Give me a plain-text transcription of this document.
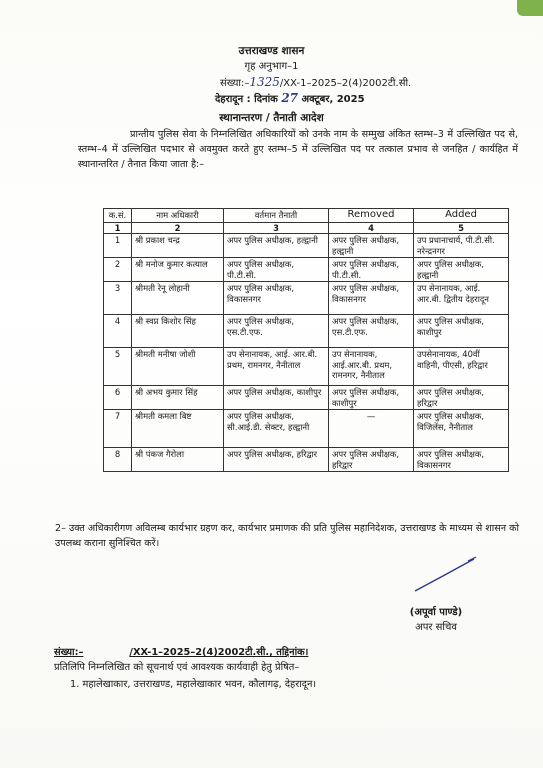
उत्तराखण्ड शासन
गृह अनुभाग–1
संख्या:–1325/XX-1–2025–2(4)2002टी.सी.
देहरादून : दिनांक 27 अक्टूबर, 2025
स्थानान्तरण / तैनाती आदेश
प्रान्तीय पुलिस सेवा के निम्नलिखित अधिकारियों को उनके नाम के सम्मुख अंकित स्तम्भ–3 में उल्लिखित पद से, स्तम्भ–4 में उल्लिखित पदभार से अवमुक्त करते हुए स्तम्भ–5 में उल्लिखित पद पर तत्काल प्रभाव से जनहित / कार्यहित में स्थानान्तरित / तैनात किया जाता है:–
क.सं.	नाम अधिकारी	वर्तमान तैनाती	Removed	Added
1	2	3	4	5
1	श्री प्रकाश चन्द्र	अपर पुलिस अधीक्षक, हल्द्वानी	अपर पुलिस अधीक्षक, हल्द्वानी	उप प्रधानाचार्य, पी.टी.सी. नरेन्द्रनगर
2	श्री मनोज कुमार कत्याल	अपर पुलिस अधीक्षक, पी.टी.सी.	अपर पुलिस अधीक्षक, पी.टी.सी.	अपर पुलिस अधीक्षक, हल्द्वानी
3	श्रीमती रेनू लोहानी	अपर पुलिस अधीक्षक, विकासनगर	अपर पुलिस अधीक्षक, विकासनगर	उप सेनानायक, आई. आर.बी. द्वितीय देहरादून
4	श्री स्वप्न किशोर सिंह	अपर पुलिस अधीक्षक, एस.टी.एफ.	अपर पुलिस अधीक्षक, एस.टी.एफ.	अपर पुलिस अधीक्षक, काशीपुर
5	श्रीमती मनीषा जोशी	उप सेनानायक, आई. आर.बी. प्रथम, रामनगर, नैनीताल	उप सेनानायक, आई.आर.बी. प्रथम, रामनगर, नैनीताल	उपसेनानायक, 40वीं वाहिनी, पीएसी, हरिद्वार
6	श्री अभय कुमार सिंह	अपर पुलिस अधीक्षक, काशीपुर	अपर पुलिस अधीक्षक, काशीपुर	अपर पुलिस अधीक्षक, हरिद्वार
7	श्रीमती कमला बिष्ट	अपर पुलिस अधीक्षक, सी.आई.डी. सेक्टर, हल्द्वानी	—	अपर पुलिस अधीक्षक, विजिलेंस, नैनीताल
8	श्री पंकज गैरोला	अपर पुलिस अधीक्षक, हरिद्वार	अपर पुलिस अधीक्षक, हरिद्वार	अपर पुलिस अधीक्षक, विकासनगर
2– उक्त अधिकारीगण अविलम्ब कार्यभार ग्रहण कर, कार्यभार प्रमाणक की प्रति पुलिस महानिदेशक, उत्तराखण्ड के माध्यम से शासन को उपलब्ध कराना सुनिश्चित करें।
(अपूर्वा पाण्डे)
अपर सचिव
संख्या:–	/XX-1–2025–2(4)2002टी.सी., तद्दिनांक।
प्रतिलिपि निम्नलिखित को सूचनार्थ एवं आवश्यक कार्यवाही हेतु प्रेषित–
1. महालेखाकार, उत्तराखण्ड, महालेखाकार भवन, कौलागढ़, देहरादून।
